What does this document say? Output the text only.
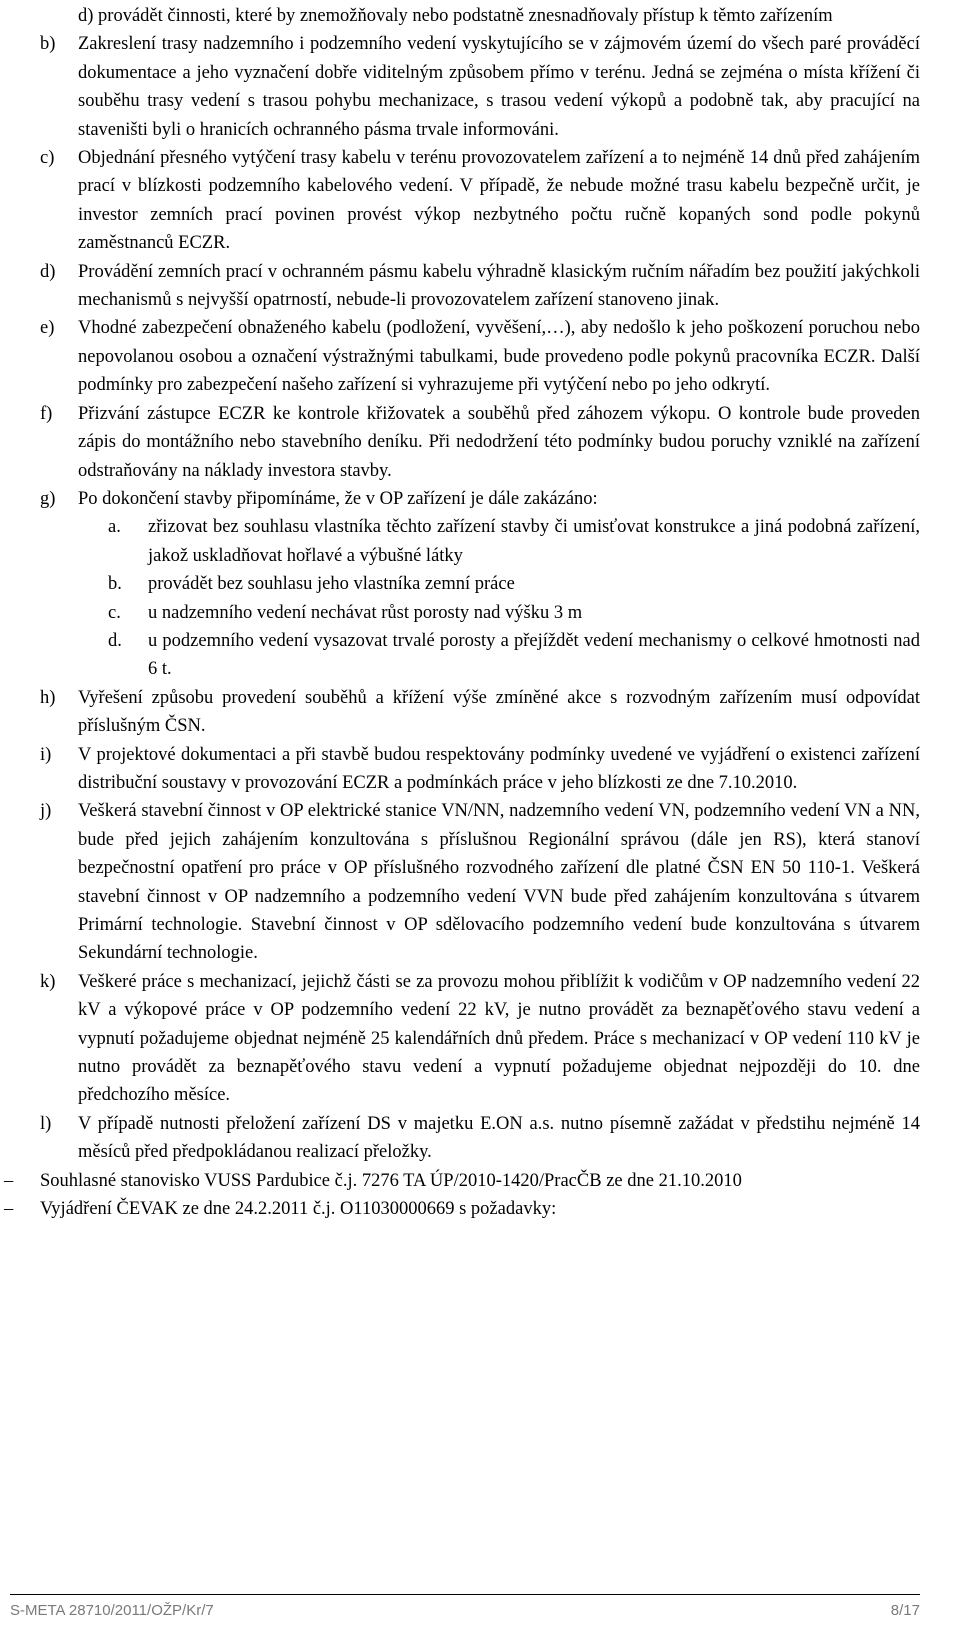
d) provádět činnosti, které by znemožňovaly nebo podstatně znesnadňovaly přístup k těmto zařízením
b)	Zakreslení trasy nadzemního i podzemního vedení vyskytujícího se v zájmovém území do všech paré prováděcí dokumentace a jeho vyznačení dobře viditelným způsobem přímo v terénu. Jedná se zejména o místa křížení či souběhu trasy vedení s trasou pohybu mechanizace, s trasou vedení výkopů a podobně tak, aby pracující na staveništi byli o hranicích ochranného pásma trvale informováni.
c)	Objednání přesného vytýčení trasy kabelu v terénu provozovatelem zařízení a to nejméně 14 dnů před zahájením prací v blízkosti podzemního kabelového vedení. V případě, že nebude možné trasu kabelu bezpečně určit, je investor zemních prací povinen provést výkop nezbytného počtu ručně kopaných sond podle pokynů zaměstnanců ECZR.
d)	Provádění zemních prací v ochranném pásmu kabelu výhradně klasickým ručním nářadím bez použití jakýchkoli mechanismů s nejvyšší opatrností, nebude-li provozovatelem zařízení stanoveno jinak.
e)	Vhodné zabezpečení obnaženého kabelu (podložení, vyvěšení,…), aby nedošlo k jeho poškození poruchou nebo nepovolanou osobou a označení výstražnými tabulkami, bude provedeno podle pokynů pracovníka ECZR. Další podmínky pro zabezpečení našeho zařízení si vyhrazujeme při vytýčení nebo po jeho odkrytí.
f)	Přizvání zástupce ECZR ke kontrole křižovatek a souběhů před záhozem výkopu. O kontrole bude proveden zápis do montážního nebo stavebního deníku. Při nedodržení této podmínky budou poruchy vzniklé na zařízení odstraňovány na náklady investora stavby.
g)	Po dokončení stavby připomínáme, že v OP zařízení je dále zakázáno:
a.	zřizovat bez souhlasu vlastníka těchto zařízení stavby či umisťovat konstrukce a jiná podobná zařízení, jakož uskladňovat hořlavé a výbušné látky
b.	provádět bez souhlasu jeho vlastníka zemní práce
c.	u nadzemního vedení nechávat růst porosty nad výšku 3 m
d.	u podzemního vedení vysazovat trvalé porosty a přejíždět vedení mechanismy o celkové hmotnosti nad 6 t.
h)	Vyřešení způsobu provedení souběhů a křížení výše zmíněné akce s rozvodným zařízením musí odpovídat příslušným ČSN.
i)	V projektové dokumentaci a při stavbě budou respektovány podmínky uvedené ve vyjádření o existenci zařízení distribuční soustavy v provozování ECZR a podmínkách práce v jeho blízkosti ze dne 7.10.2010.
j)	Veškerá stavební činnost v OP elektrické stanice VN/NN, nadzemního vedení VN, podzemního vedení VN a NN, bude před jejich zahájením konzultována s příslušnou Regionální správou (dále jen RS), která stanoví bezpečnostní opatření pro práce v OP příslušného rozvodného zařízení dle platné ČSN EN 50 110-1. Veškerá stavební činnost v OP nadzemního a podzemního vedení VVN bude před zahájením konzultována s útvarem Primární technologie. Stavební činnost v OP sdělovacího podzemního vedení bude konzultována s útvarem Sekundární technologie.
k)	Veškeré práce s mechanizací, jejichž části se za provozu mohou přiblížit k vodičům v OP nadzemního vedení 22 kV a výkopové práce v OP podzemního vedení 22 kV, je nutno provádět za beznapěťového stavu vedení a vypnutí požadujeme objednat nejméně 25 kalendářních dnů předem. Práce s mechanizací v OP vedení 110 kV je nutno provádět za beznapěťového stavu vedení a vypnutí požadujeme objednat nejpozději do 10. dne předchozího měsíce.
l)	V případě nutnosti přeložení zařízení DS v majetku E.ON a.s. nutno písemně zažádat v předstihu nejméně 14 měsíců před předpokládanou realizací přeložky.
–	Souhlasné stanovisko VUSS Pardubice č.j. 7276 TA ÚP/2010-1420/PracČB ze dne 21.10.2010
–	Vyjádření ČEVAK ze dne 24.2.2011 č.j. O11030000669 s požadavky:
S-META 28710/2011/OŽP/Kr/7	8/17
